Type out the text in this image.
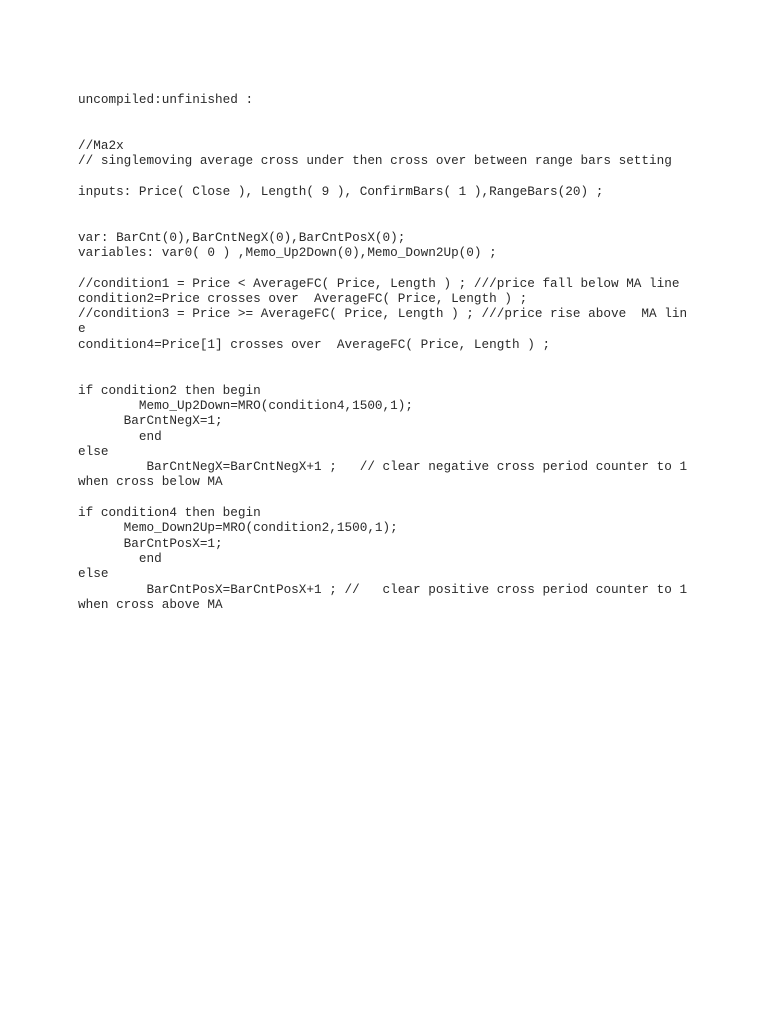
uncompiled:unfinished :
//Ma2x
// singlemoving average cross under then cross over between range bars setting
inputs: Price( Close ), Length( 9 ), ConfirmBars( 1 ),RangeBars(20) ;
var: BarCnt(0),BarCntNegX(0),BarCntPosX(0);
variables: var0( 0 ) ,Memo_Up2Down(0),Memo_Down2Up(0) ;
//condition1 = Price < AverageFC( Price, Length ) ; ///price fall below MA line
condition2=Price crosses over  AverageFC( Price, Length ) ;
//condition3 = Price >= AverageFC( Price, Length ) ; ///price rise above  MA lin
e
condition4=Price[1] crosses over  AverageFC( Price, Length ) ;
if condition2 then begin
Memo_Up2Down=MRO(condition4,1500,1);
BarCntNegX=1;
end
else
BarCntNegX=BarCntNegX+1 ;   // clear negative cross period counter to 1
when cross below MA
if condition4 then begin
Memo_Down2Up=MRO(condition2,1500,1);
BarCntPosX=1;
end
else
BarCntPosX=BarCntPosX+1 ; //   clear positive cross period counter to 1
when cross above MA
